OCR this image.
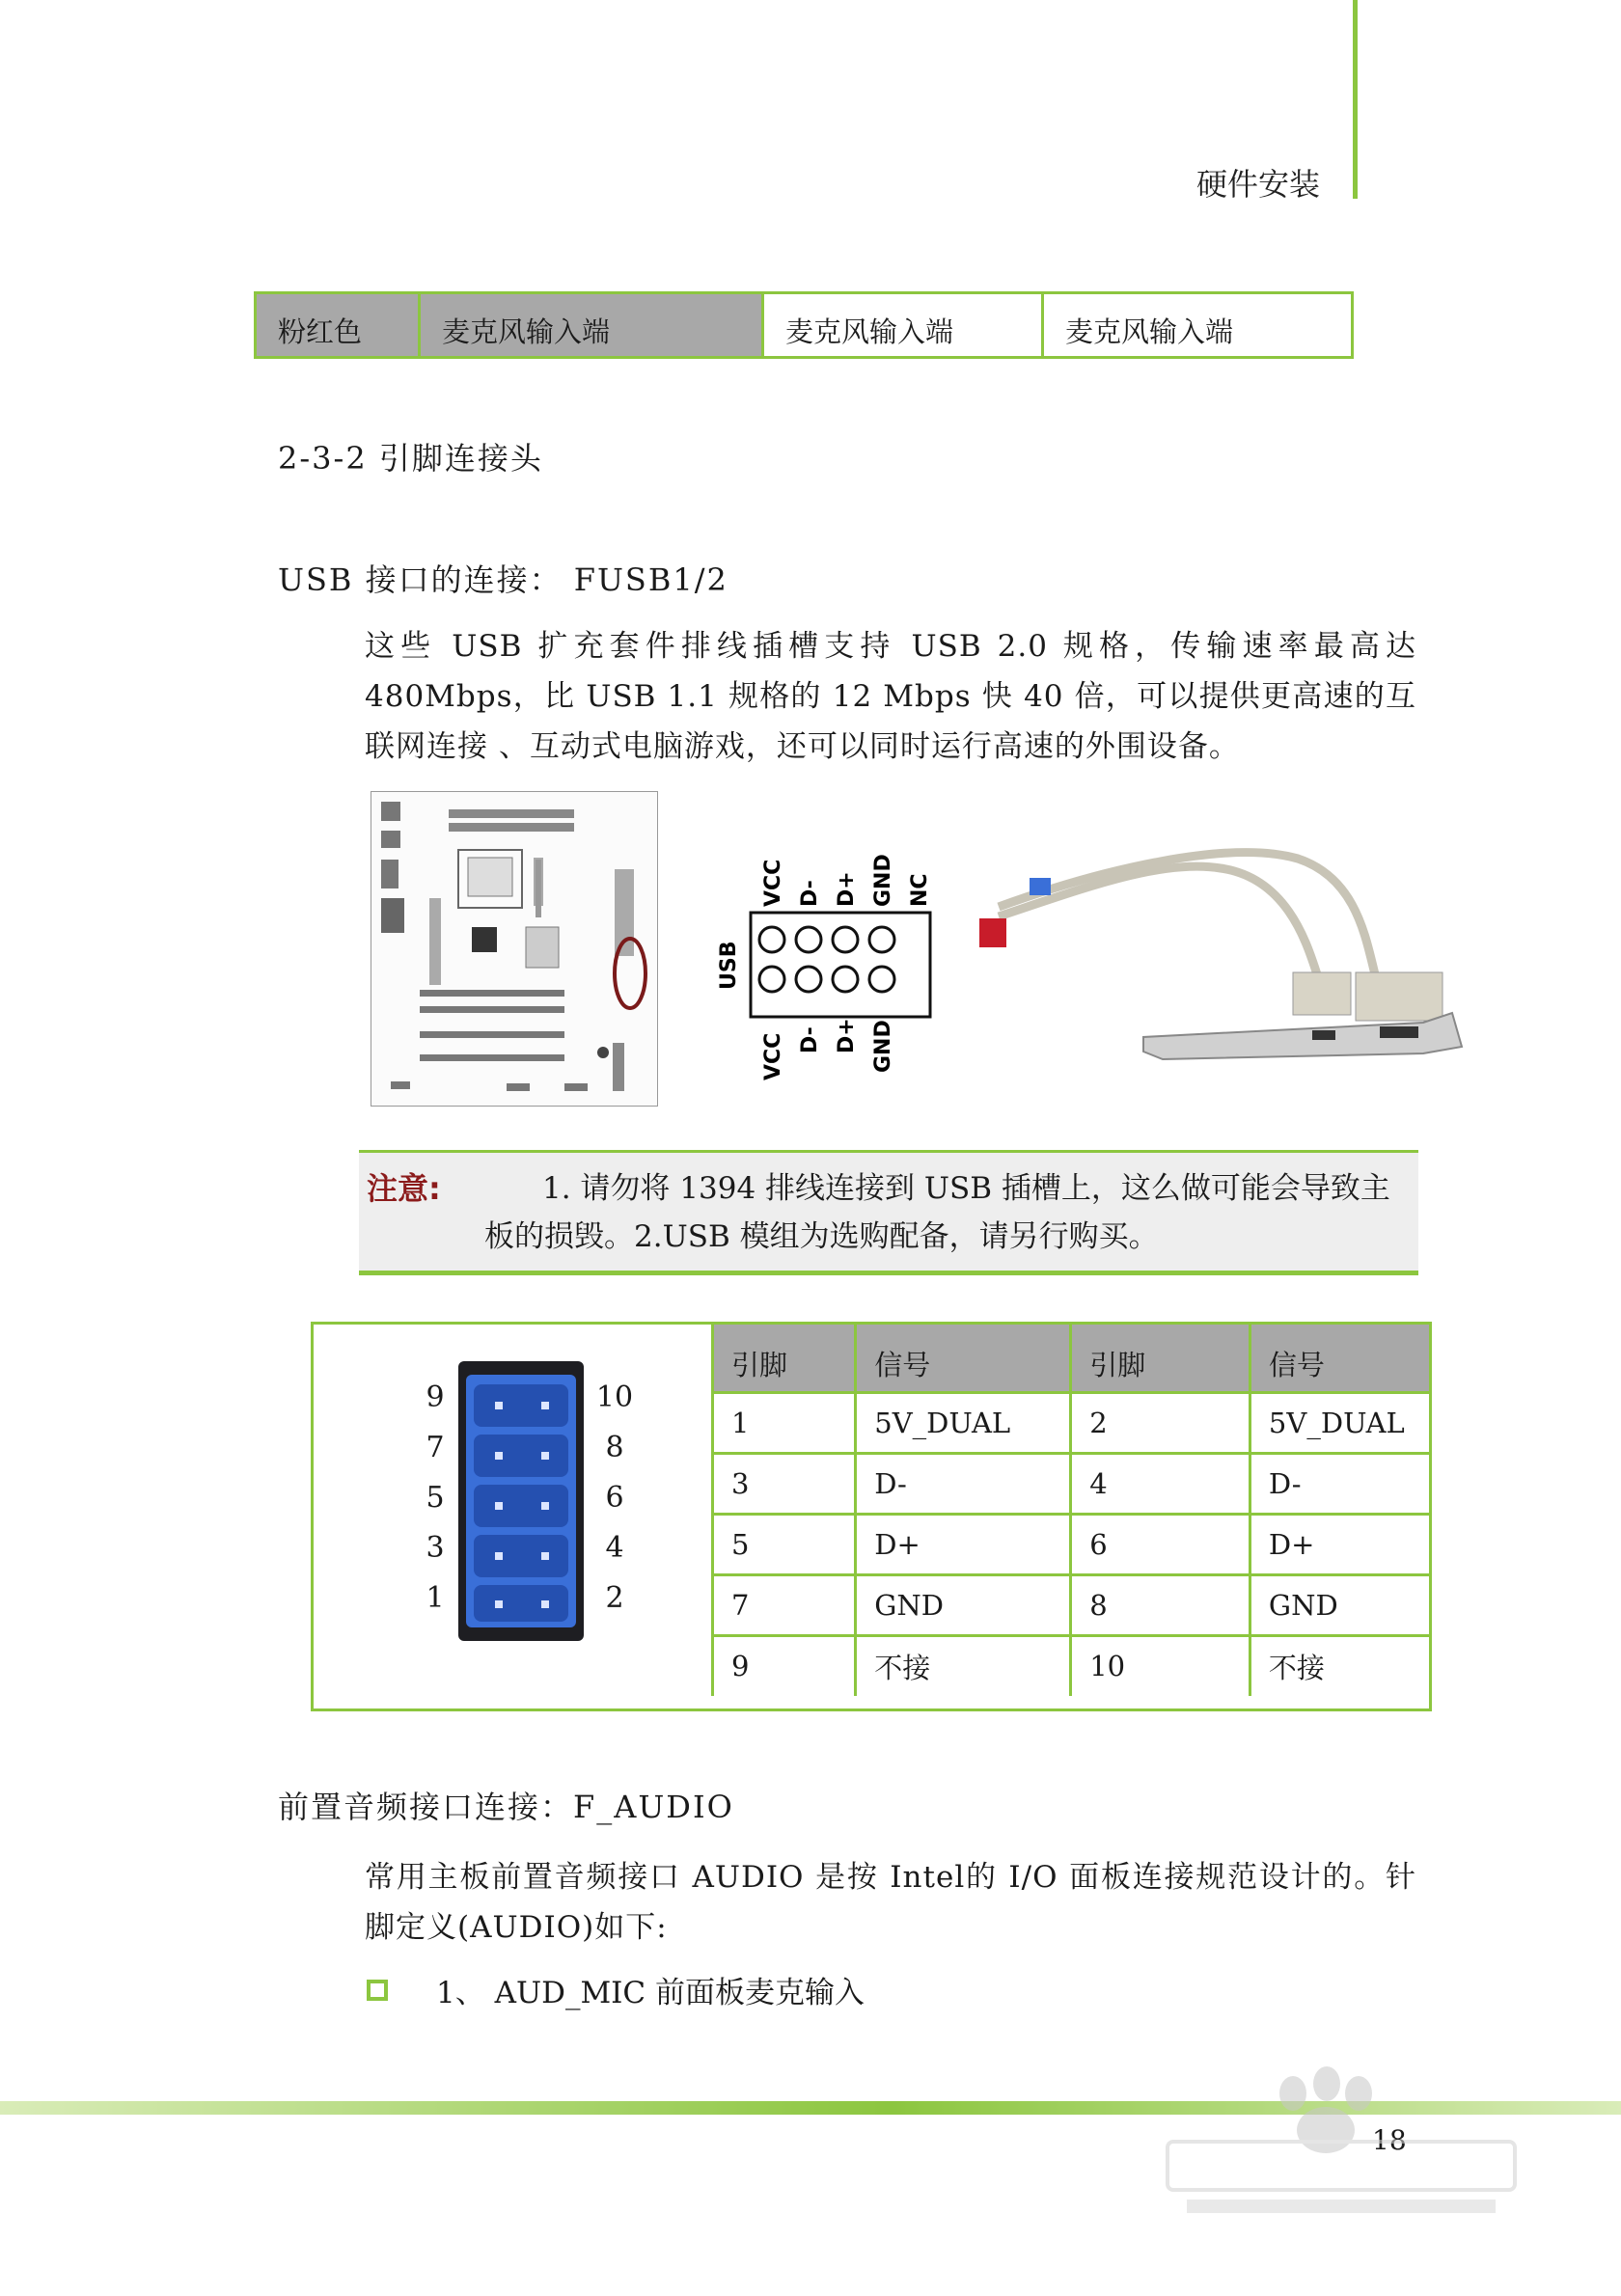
硬件安装
粉红色	麦克风输入端	麦克风输入端	麦克风输入端
2-3-2 引脚连接头
USB 接口的连接： FUSB1/2
这些 USB 扩充套件排线插槽支持 USB 2.0 规格，传输速率最高达 480Mbps，比 USB 1.1 规格的 12 Mbps 快 40 倍，可以提供更高速的互联网连接 、互动式电脑游戏，还可以同时运行高速的外围设备。
USB
VCC D- D+ GND NC
VCC D- D+ GND
注意:	1. 请勿将 1394 排线连接到 USB 插槽上，这么做可能会导致主板的损毁。2.USB 模组为选购配备，请另行购买。
9
7
5
3
1
10
8
6
4
2
引脚	信号	引脚	信号
1	5V_DUAL	2	5V_DUAL
3	D-	4	D-
5	D+	6	D+
7	GND	8	GND
9	不接	10	不接
前置音频接口连接：F_AUDIO
常用主板前置音频接口 AUDIO 是按 Intel的 I/O 面板连接规范设计的。针脚定义(AUDIO)如下:
1、 AUD_MIC 前面板麦克输入
18
